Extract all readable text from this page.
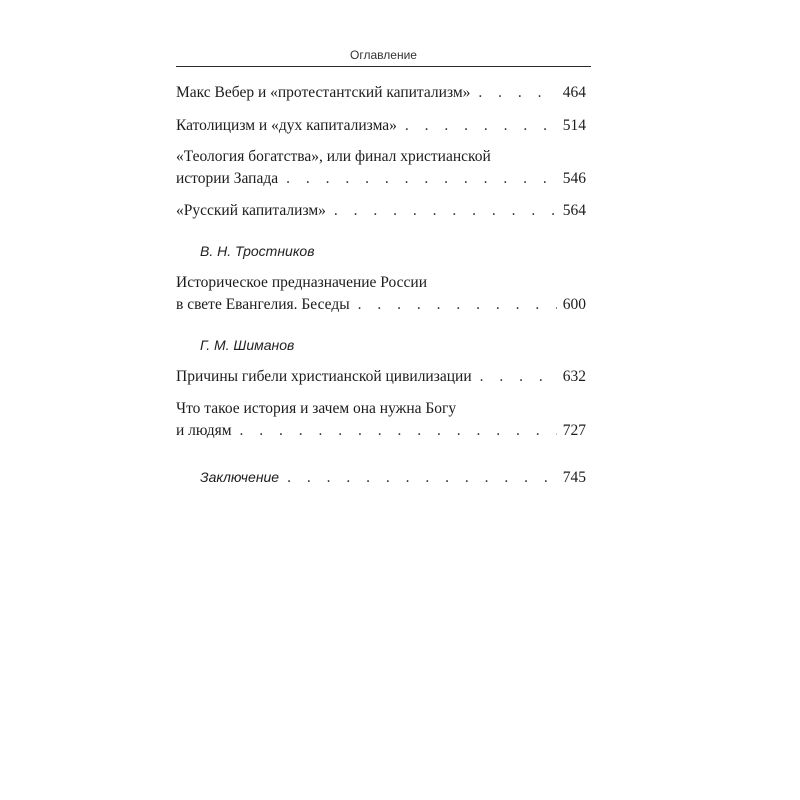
Оглавление
Макс Вебер и «протестантский капитализм» . . .	464
Католицизм и «дух капитализма» . . .	514
«Теология богатства», или финал христианской
истории Запада . . .	546
«Русский капитализм» . . .	564
В. Н. Тростников
Историческое предназначение России
в свете Евангелия. Беседы . . .	600
Г. М. Шиманов
Причины гибели христианской цивилизации . . .	632
Что такое история и зачем она нужна Богу
и людям . . .	727
Заключение . . .	745
